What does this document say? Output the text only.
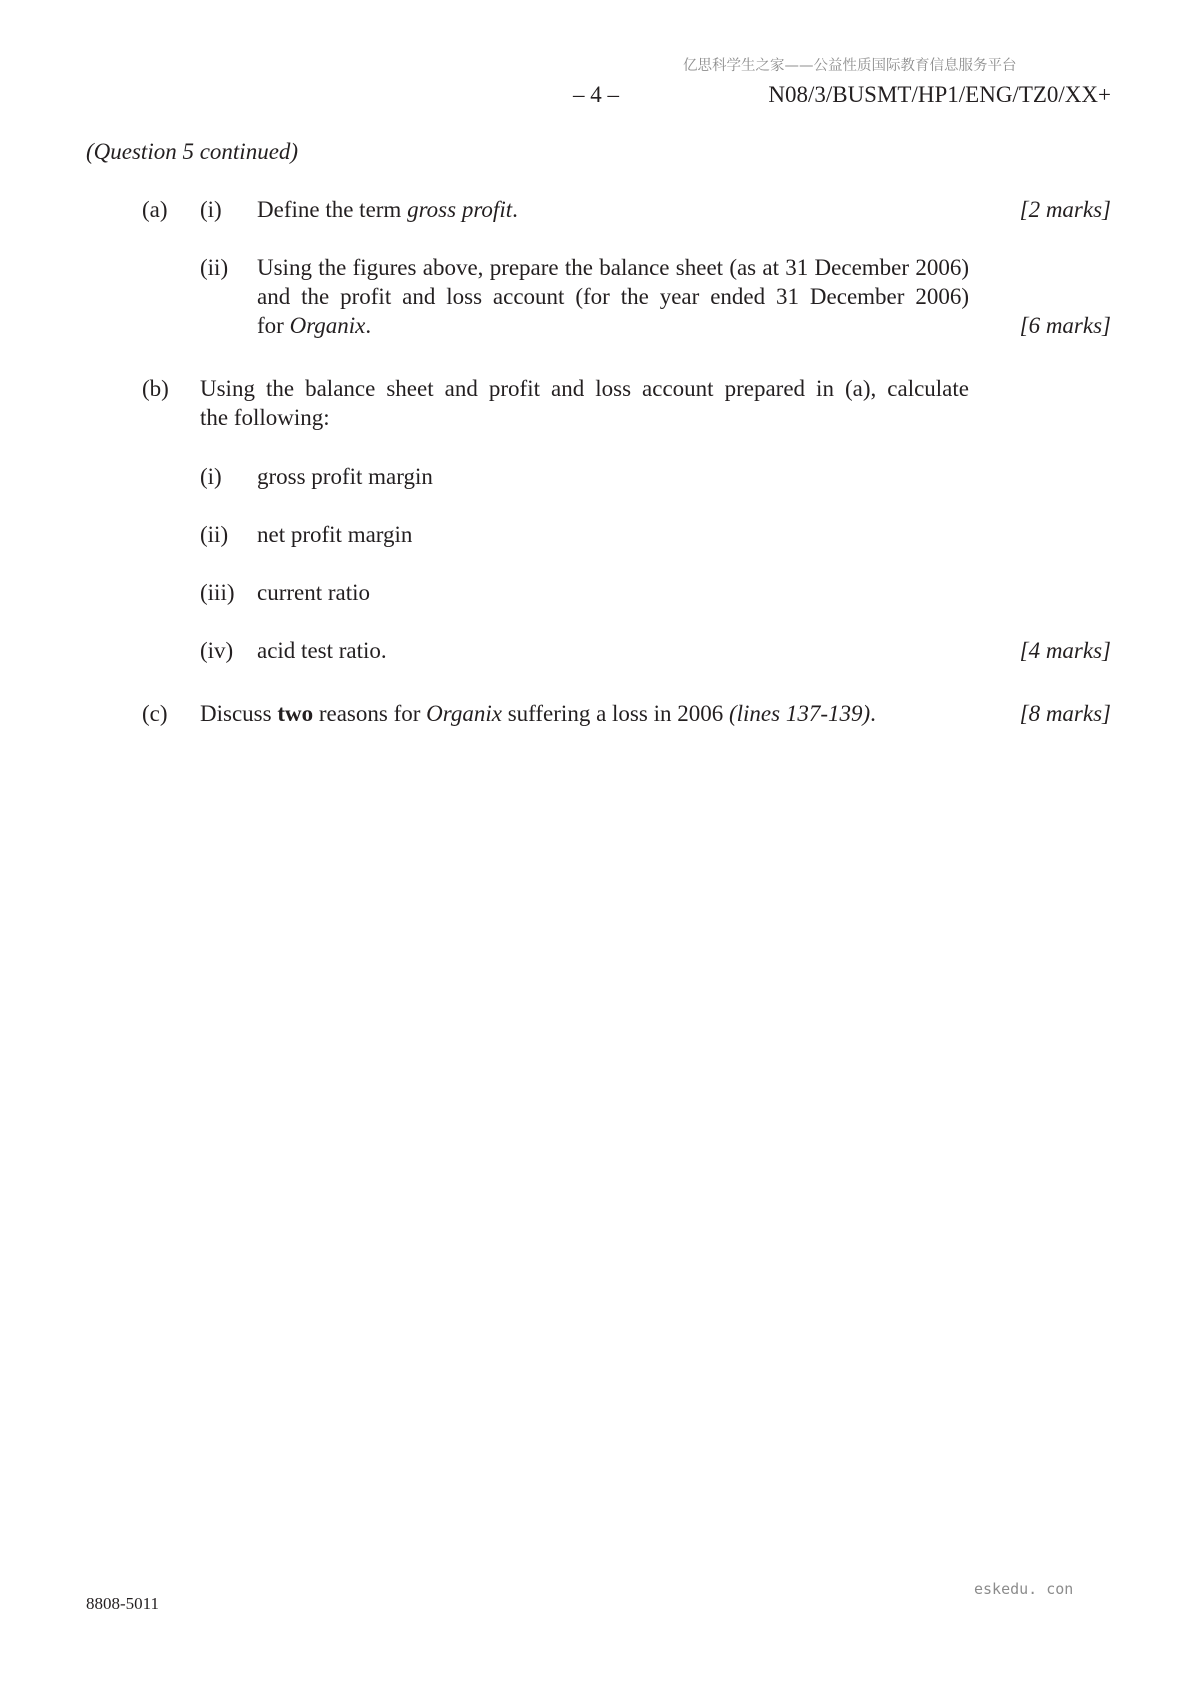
亿思科学生之家——公益性质国际教育信息服务平台
– 4 –	N08/3/BUSMT/HP1/ENG/TZ0/XX+
(Question 5 continued)
(a) (i) Define the term gross profit.	[2 marks]
(ii) Using the figures above, prepare the balance sheet (as at 31 December 2006)
and the profit and loss account (for the year ended 31 December 2006)
for Organix.	[6 marks]
(b) Using the balance sheet and profit and loss account prepared in (a), calculate
the following:
(i) gross profit margin
(ii) net profit margin
(iii) current ratio
(iv) acid test ratio.	[4 marks]
(c) Discuss two reasons for Organix suffering a loss in 2006 (lines 137-139).	[8 marks]
eskedu. con
8808-5011
